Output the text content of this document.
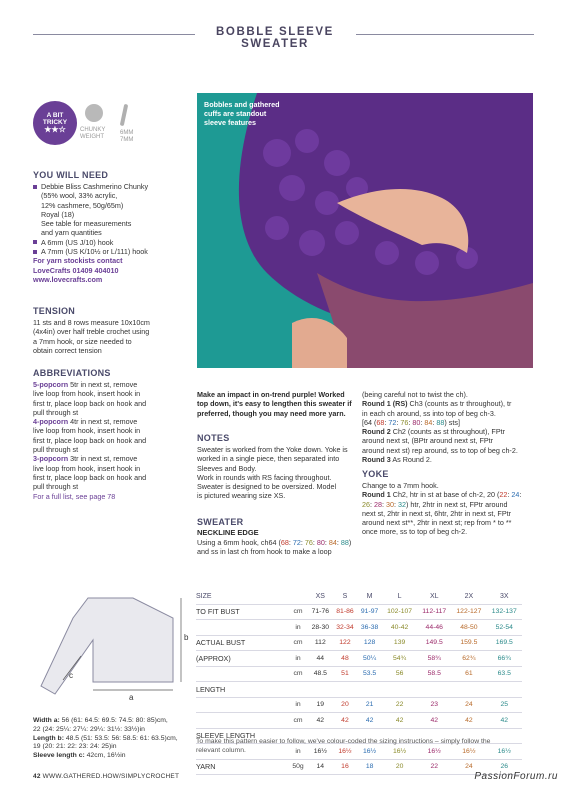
BOBBLE SLEEVE SWEATER
A BIT
TRICKY
★★☆	CHUNKY
WEIGHT
6MM
7MM
YOU WILL NEED
Debbie Bliss Cashmerino Chunky
(55% wool, 33% acrylic,
12% cashmere, 50g/65m)
Royal (18)
See table for measurements
and yarn quantities
A 6mm (US J/10) hook
A 7mm (US K/10½ or L/111) hook
For yarn stockists contact
LoveCrafts 01409 404010
www.lovecrafts.com
TENSION
11 sts and 8 rows measure 10x10cm
(4x4in) over half treble crochet using
a 7mm hook, or size needed to
obtain correct tension
ABBREVIATIONS
5-popcorn 5tr in next st, remove
live loop from hook, insert hook in
first tr, place loop back on hook and
pull through st
4-popcorn 4tr in next st, remove
live loop from hook, insert hook in
first tr, place loop back on hook and
pull through st
3-popcorn 3tr in next st, remove
live loop from hook, insert hook in
first tr, place loop back on hook and
pull through st
For a full list, see page 78
Bobbles and gathered
cuffs are standout
sleeve features
Make an impact in on-trend purple! Worked
top down, it's easy to lengthen this sweater if
preferred, though you may need more yarn.
NOTES
Sweater is worked from the Yoke down. Yoke is
worked in a single piece, then separated into
Sleeves and Body.
Work in rounds with RS facing throughout.
Sweater is designed to be oversized. Model
is pictured wearing size XS.
SWEATER
NECKLINE EDGE
Using a 6mm hook, ch64 (68: 72: 76: 80: 84: 88)
and ss in last ch from hook to make a loop
(being careful not to twist the ch).
Round 1 (RS) Ch3 (counts as tr throughout), tr
in each ch around, ss into top of beg ch-3.
[64 (68: 72: 76: 80: 84: 88) sts]
Round 2 Ch2 (counts as st throughout), FPtr
around next st, (BPtr around next st, FPtr
around next st) rep around, ss to top of beg ch-2.
Round 3 As Round 2.
YOKE
Change to a 7mm hook.
Round 1 Ch2, htr in st at base of ch-2, 20 (22: 24:
26: 28: 30: 32) htr, 2htr in next st, FPtr around
next st, 2htr in next st, 6htr, 2htr in next st, FPtr
around next st**, 2htr in next st; rep from * to **
once more, ss to top of beg ch-2.
a
b
c
Width a: 56 (61: 64.5: 69.5: 74.5: 80: 85)cm,
22 (24: 25¼: 27¼: 29¼: 31½: 33½)in
Length b: 48.5 (51: 53.5: 56: 58.5: 61: 63.5)cm,
19 (20: 21: 22: 23: 24: 25)in
Sleeve length c: 42cm, 16½in
SIZE		XS	S	M	L	XL	2X	3X
TO FIT BUST	cm	71-76	81-86	91-97	102-107	112-117	122-127	132-137
	in	28-30	32-34	36-38	40-42	44-46	48-50	52-54
ACTUAL BUST	cm	112	122	128	139	149.5	159.5	169.5
(APPROX)	in	44	48	50¼	54¾	58¾	62¾	66¾
	cm	48.5	51	53.5	56	58.5	61	63.5
LENGTH								
	in	19	20	21	22	23	24	25
	cm	42	42	42	42	42	42	42
SLEEVE LENGTH								
	in	16½	16½	16½	16½	16½	16½	16½
YARN	50g	14	16	18	20	22	24	26
To make this pattern easier to follow, we've colour-coded the sizing instructions – simply follow the
relevant column.
42 WWW.GATHERED.HOW/SIMPLYCROCHET	PassionForum.ru
